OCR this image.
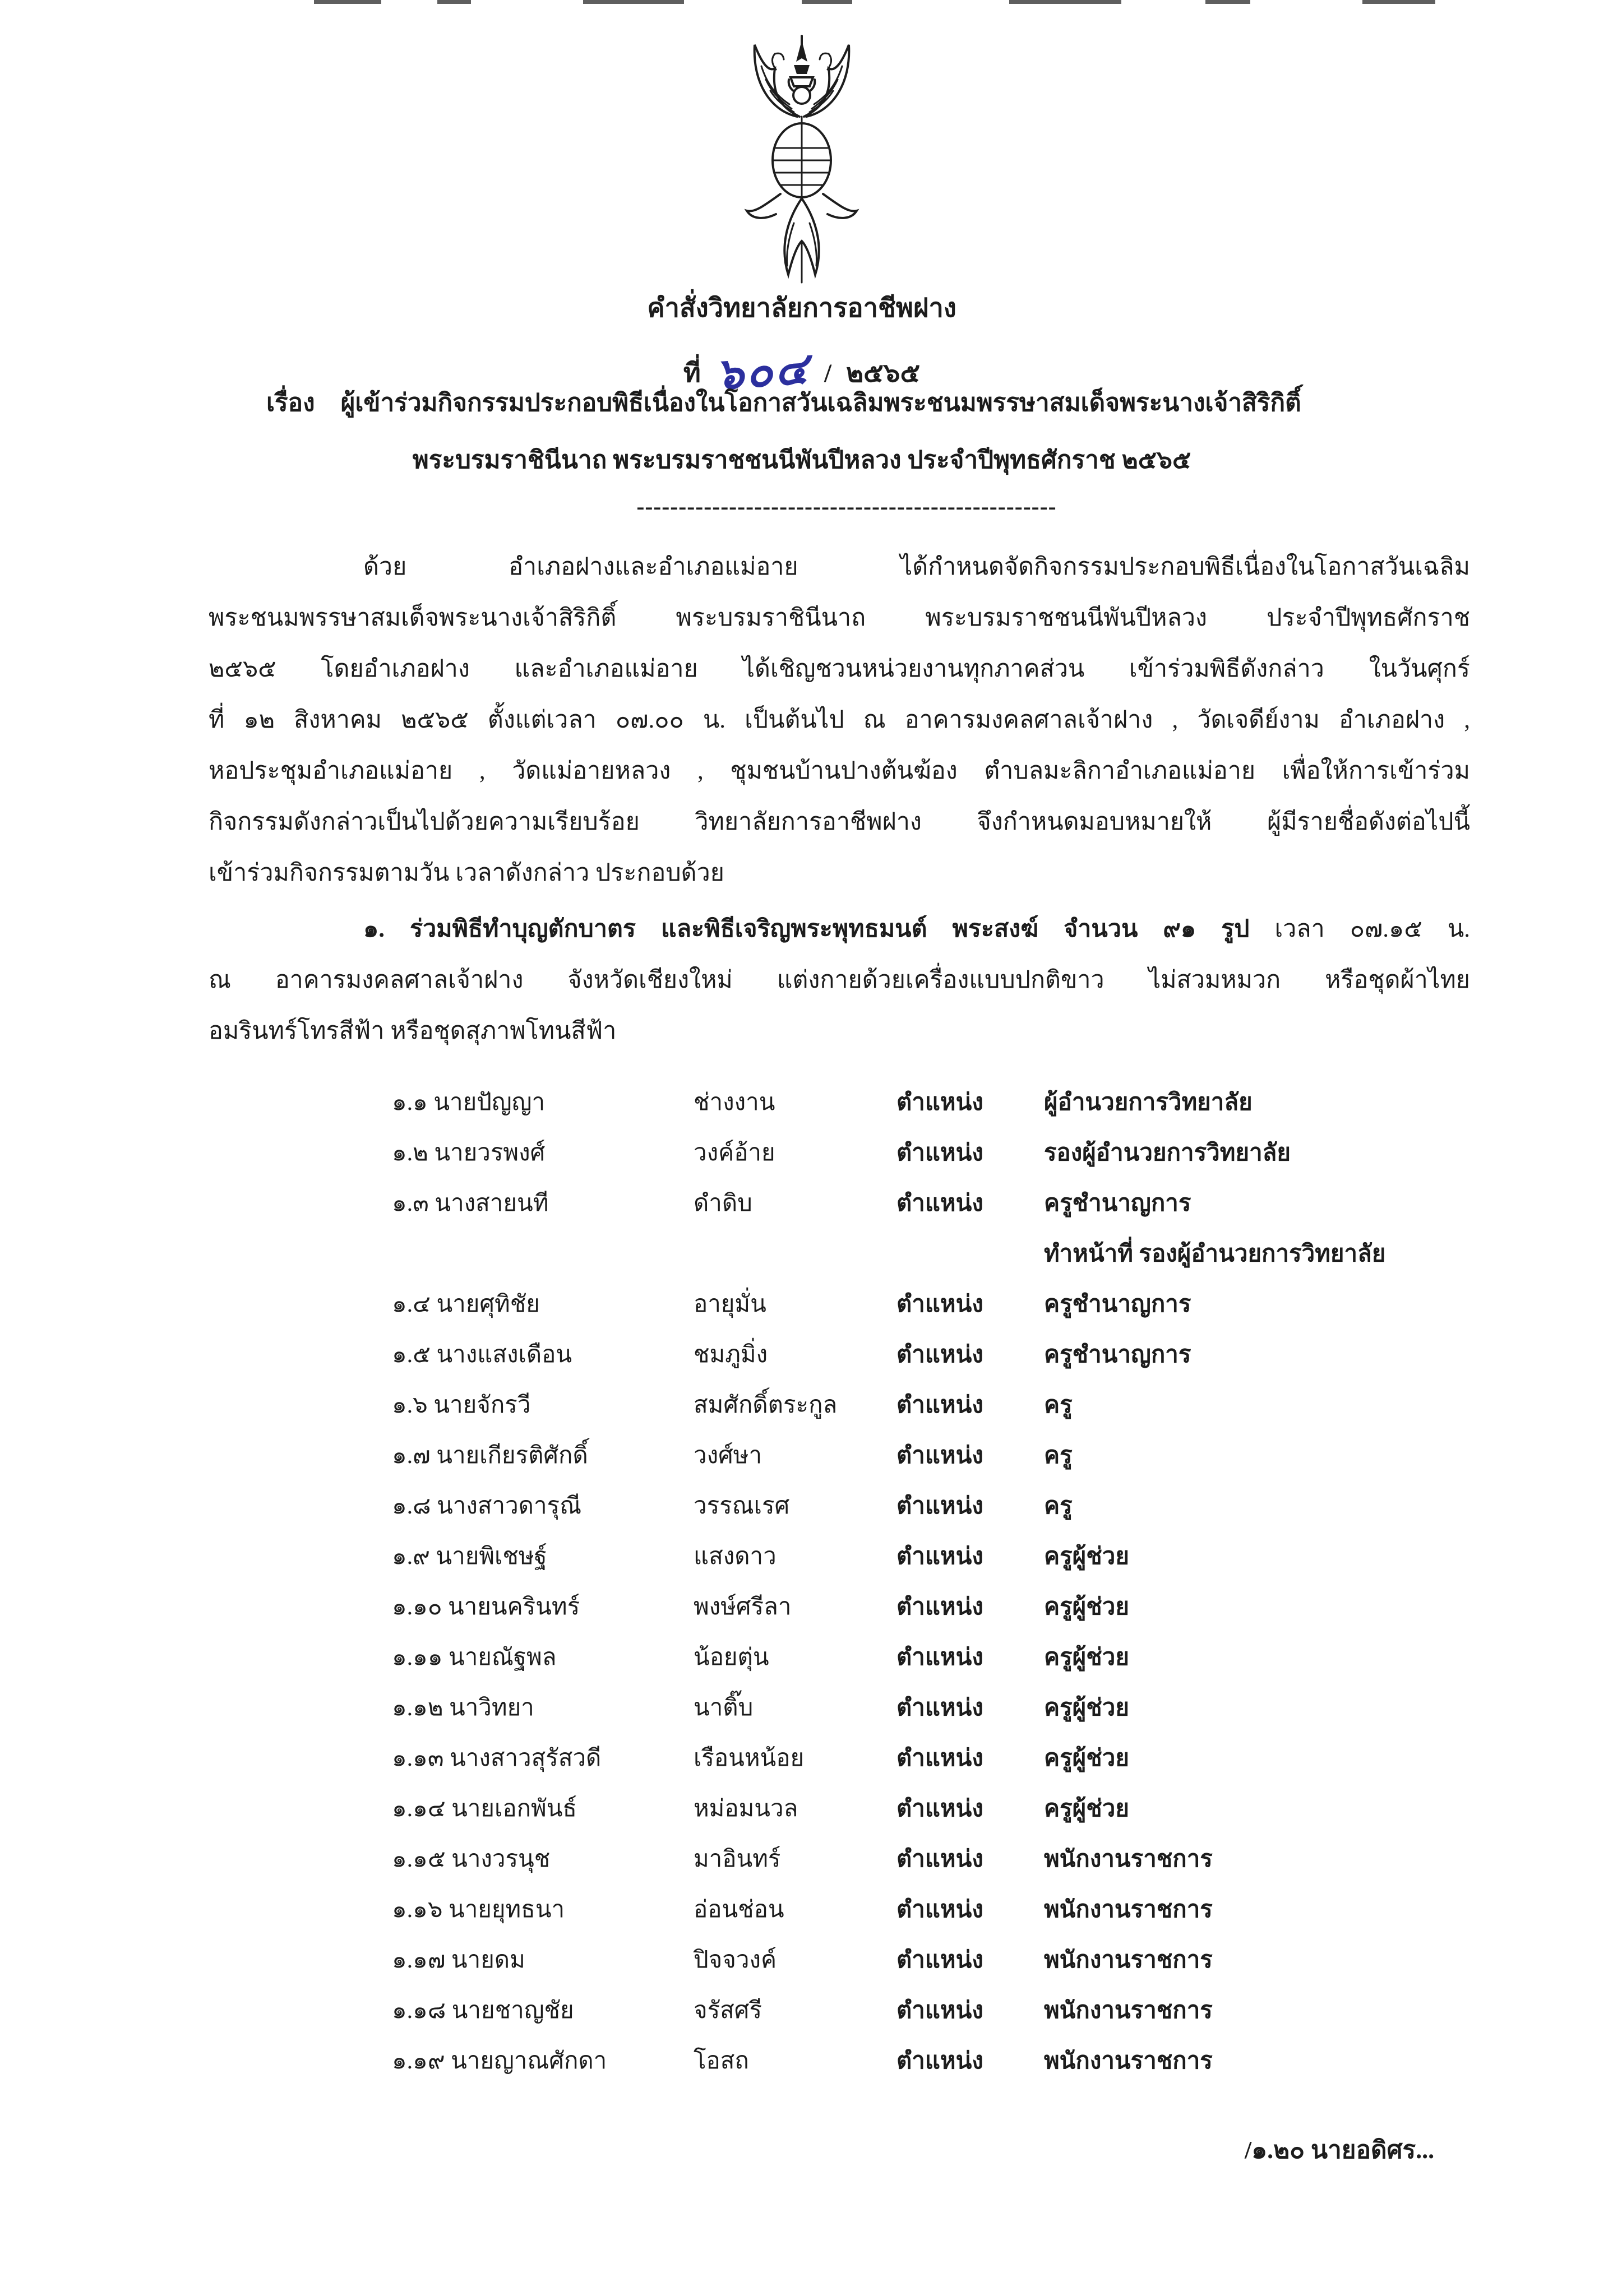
คำสั่งวิทยาลัยการอาชีพฝาง
ที่ ๖๐๔ / ๒๕๖๕
เรื่อง ผู้เข้าร่วมกิจกรรมประกอบพิธีเนื่องในโอกาสวันเฉลิมพระชนมพรรษาสมเด็จพระนางเจ้าสิริกิติ์
พระบรมราชินีนาถ พระบรมราชชนนีพันปีหลวง ประจำปีพุทธศักราช ๒๕๖๕
--------------------------------------------------
ด้วย อำเภอฝางและอำเภอแม่อาย ได้กำหนดจัดกิจกรรมประกอบพิธีเนื่องในโอกาสวันเฉลิม
พระชนมพรรษาสมเด็จพระนางเจ้าสิริกิติ์ พระบรมราชินีนาถ พระบรมราชชนนีพันปีหลวง ประจำปีพุทธศักราช
๒๕๖๕ โดยอำเภอฝาง และอำเภอแม่อาย ได้เชิญชวนหน่วยงานทุกภาคส่วน เข้าร่วมพิธีดังกล่าว ในวันศุกร์
ที่ ๑๒ สิงหาคม ๒๕๖๕ ตั้งแต่เวลา ๐๗.๐๐ น. เป็นต้นไป ณ อาคารมงคลศาลเจ้าฝาง , วัดเจดีย์งาม อำเภอฝาง ,
หอประชุมอำเภอแม่อาย , วัดแม่อายหลวง , ชุมชนบ้านปางต้นฆ้อง ตำบลมะลิกาอำเภอแม่อาย เพื่อให้การเข้าร่วม
กิจกรรมดังกล่าวเป็นไปด้วยความเรียบร้อย วิทยาลัยการอาชีพฝาง จึงกำหนดมอบหมายให้ ผู้มีรายชื่อดังต่อไปนี้
เข้าร่วมกิจกรรมตามวัน เวลาดังกล่าว ประกอบด้วย
๑. ร่วมพิธีทำบุญตักบาตร และพิธีเจริญพระพุทธมนต์ พระสงฆ์ จำนวน ๙๑ รูป เวลา ๐๗.๑๕ น.
ณ อาคารมงคลศาลเจ้าฝาง จังหวัดเชียงใหม่ แต่งกายด้วยเครื่องแบบปกติขาว ไม่สวมหมวก หรือชุดผ้าไทย
อมรินทร์โทรสีฟ้า หรือชุดสุภาพโทนสีฟ้า
๑.๑ นายปัญญา	ช่างงาน	ตำแหน่ง	ผู้อำนวยการวิทยาลัย
๑.๒ นายวรพงศ์	วงค์อ้าย	ตำแหน่ง	รองผู้อำนวยการวิทยาลัย
๑.๓ นางสายนที	ดำดิบ	ตำแหน่ง	ครูชำนาญการ
ทำหน้าที่ รองผู้อำนวยการวิทยาลัย
๑.๔ นายศุทิชัย	อายุมั่น	ตำแหน่ง	ครูชำนาญการ
๑.๕ นางแสงเดือน	ชมภูมิ่ง	ตำแหน่ง	ครูชำนาญการ
๑.๖ นายจักรวี	สมศักดิ์ตระกูล	ตำแหน่ง	ครู
๑.๗ นายเกียรติศักดิ์	วงศ์ษา	ตำแหน่ง	ครู
๑.๘ นางสาวดารุณี	วรรณเรศ	ตำแหน่ง	ครู
๑.๙ นายพิเชษฐ์	แสงดาว	ตำแหน่ง	ครูผู้ช่วย
๑.๑๐ นายนครินทร์	พงษ์ศรีลา	ตำแหน่ง	ครูผู้ช่วย
๑.๑๑ นายณัฐพล	น้อยตุ่น	ตำแหน่ง	ครูผู้ช่วย
๑.๑๒ นาวิทยา	นาติ๊บ	ตำแหน่ง	ครูผู้ช่วย
๑.๑๓ นางสาวสุรัสวดี	เรือนหน้อย	ตำแหน่ง	ครูผู้ช่วย
๑.๑๔ นายเอกพันธ์	หม่อมนวล	ตำแหน่ง	ครูผู้ช่วย
๑.๑๕ นางวรนุช	มาอินทร์	ตำแหน่ง	พนักงานราชการ
๑.๑๖ นายยุทธนา	อ่อนช่อน	ตำแหน่ง	พนักงานราชการ
๑.๑๗ นายดม	ปิจจวงค์	ตำแหน่ง	พนักงานราชการ
๑.๑๘ นายชาญชัย	จรัสศรี	ตำแหน่ง	พนักงานราชการ
๑.๑๙ นายญาณศักดา	โอสถ	ตำแหน่ง	พนักงานราชการ
/๑.๒๐ นายอดิศร...
